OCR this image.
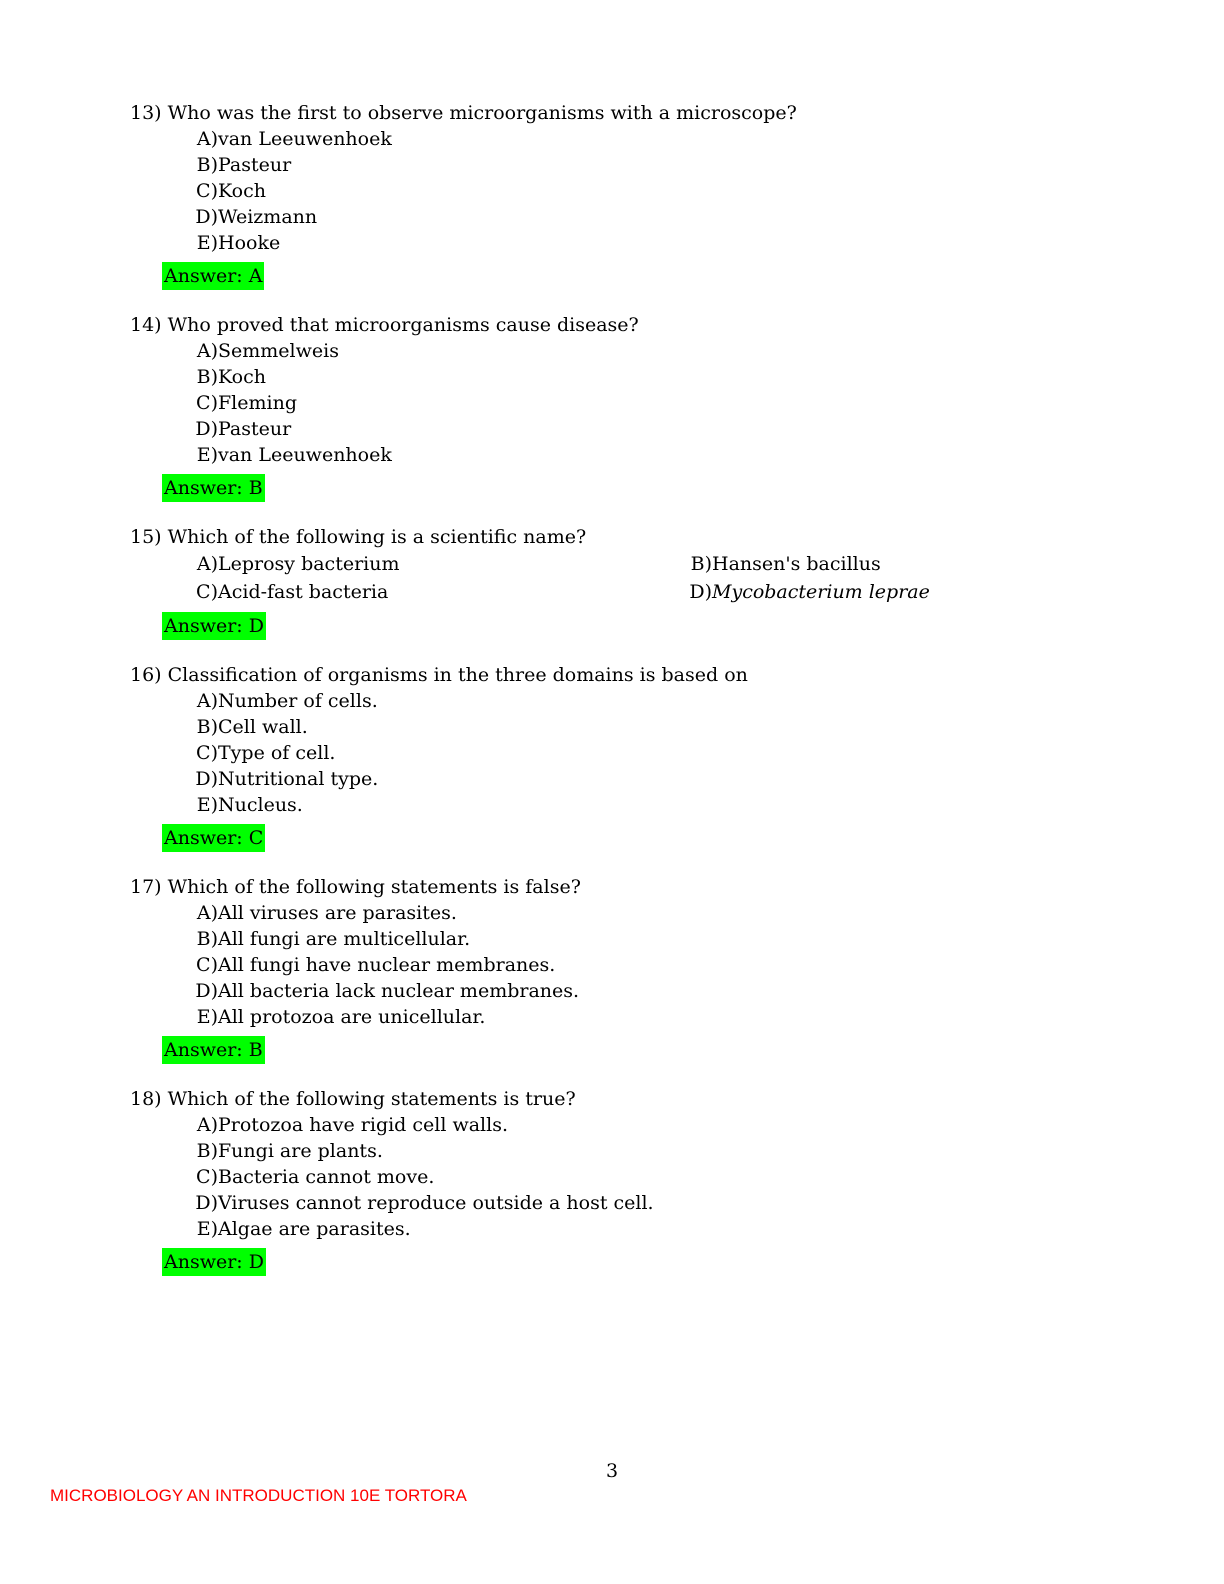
13) Who was the first to observe microorganisms with a microscope?
A) van Leeuwenhoek
B) Pasteur
C) Koch
D) Weizmann
E) Hooke
Answer: A
14) Who proved that microorganisms cause disease?
A) Semmelweis
B) Koch
C) Fleming
D) Pasteur
E) van Leeuwenhoek
Answer: B
15) Which of the following is a scientific name?
A) Leprosy bacterium	B) Hansen's bacillus
C) Acid-fast bacteria	D) Mycobacterium leprae
Answer: D
16) Classification of organisms in the three domains is based on
A) Number of cells.
B) Cell wall.
C) Type of cell.
D) Nutritional type.
E) Nucleus.
Answer: C
17) Which of the following statements is false?
A) All viruses are parasites.
B) All fungi are multicellular.
C) All fungi have nuclear membranes.
D) All bacteria lack nuclear membranes.
E) All protozoa are unicellular.
Answer: B
18) Which of the following statements is true?
A) Protozoa have rigid cell walls.
B) Fungi are plants.
C) Bacteria cannot move.
D) Viruses cannot reproduce outside a host cell.
E) Algae are parasites.
Answer: D
3
MICROBIOLOGY AN INTRODUCTION 10E TORTORA
